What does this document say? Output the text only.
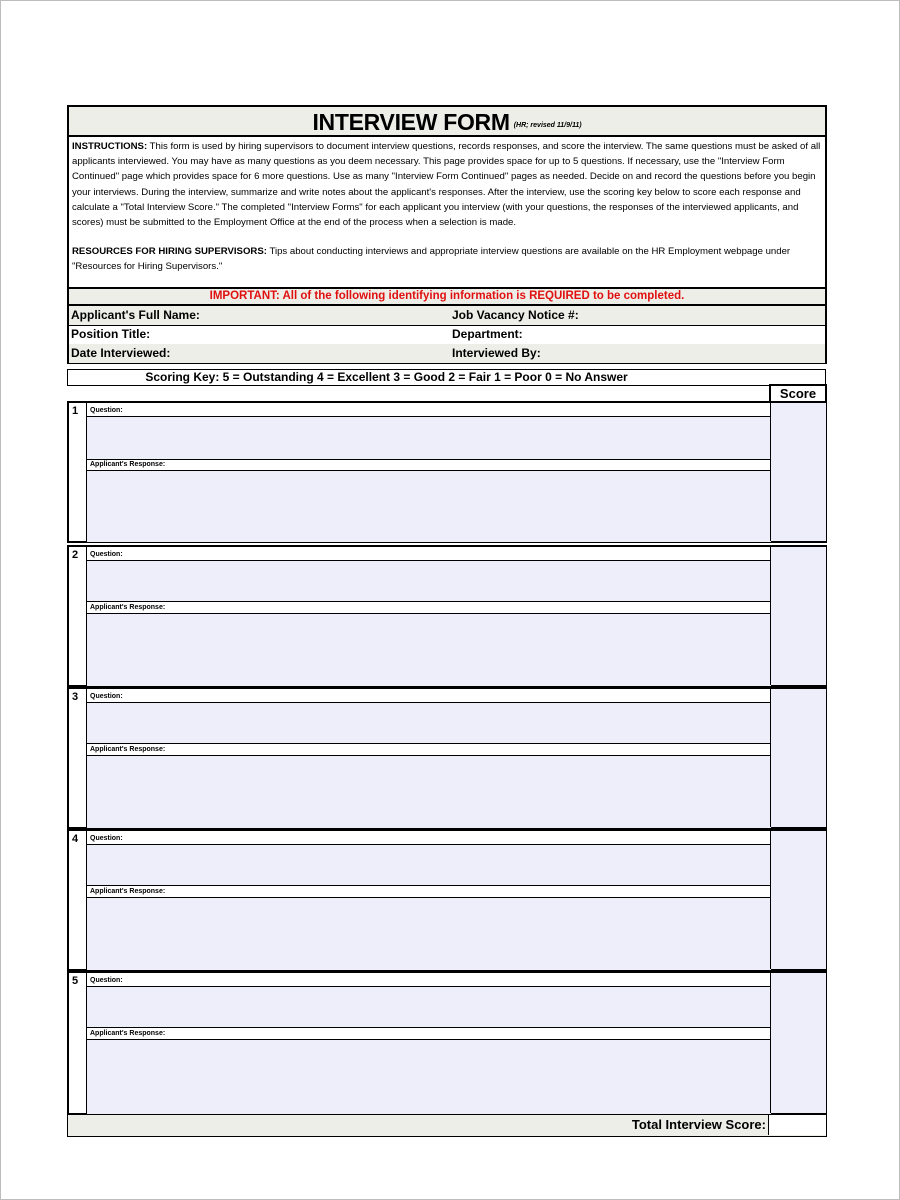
INTERVIEW FORM (HR; revised 11/9/11)

INSTRUCTIONS: This form is used by hiring supervisors to document interview questions, records responses, and score the interview. The same questions must be asked of all applicants interviewed. You may have as many questions as you deem necessary. This page provides space for up to 5 questions. If necessary, use the "Interview Form Continued" page which provides space for 6 more questions. Use as many "Interview Form Continued" pages as needed. Decide on and record the questions before you begin your interviews. During the interview, summarize and write notes about the applicant's responses. After the interview, use the scoring key below to score each response and calculate a "Total Interview Score." The completed "Interview Forms" for each applicant you interview (with your questions, the responses of the interviewed applicants, and scores) must be submitted to the Employment Office at the end of the process when a selection is made.

RESOURCES FOR HIRING SUPERVISORS: Tips about conducting interviews and appropriate interview questions are available on the HR Employment webpage under "Resources for Hiring Supervisors."

IMPORTANT: All of the following identifying information is REQUIRED to be completed.
Applicant's Full Name:	Job Vacancy Notice #:
Position Title:	Department:
Date Interviewed:	Interviewed By:
Scoring Key: 5 = Outstanding 4 = Excellent 3 = Good 2 = Fair 1 = Poor 0 = No Answer
Score
1 Question:
Applicant's Response:
2 Question:
Applicant's Response:
3 Question:
Applicant's Response:
4 Question:
Applicant's Response:
5 Question:
Applicant's Response:
Total Interview Score:
